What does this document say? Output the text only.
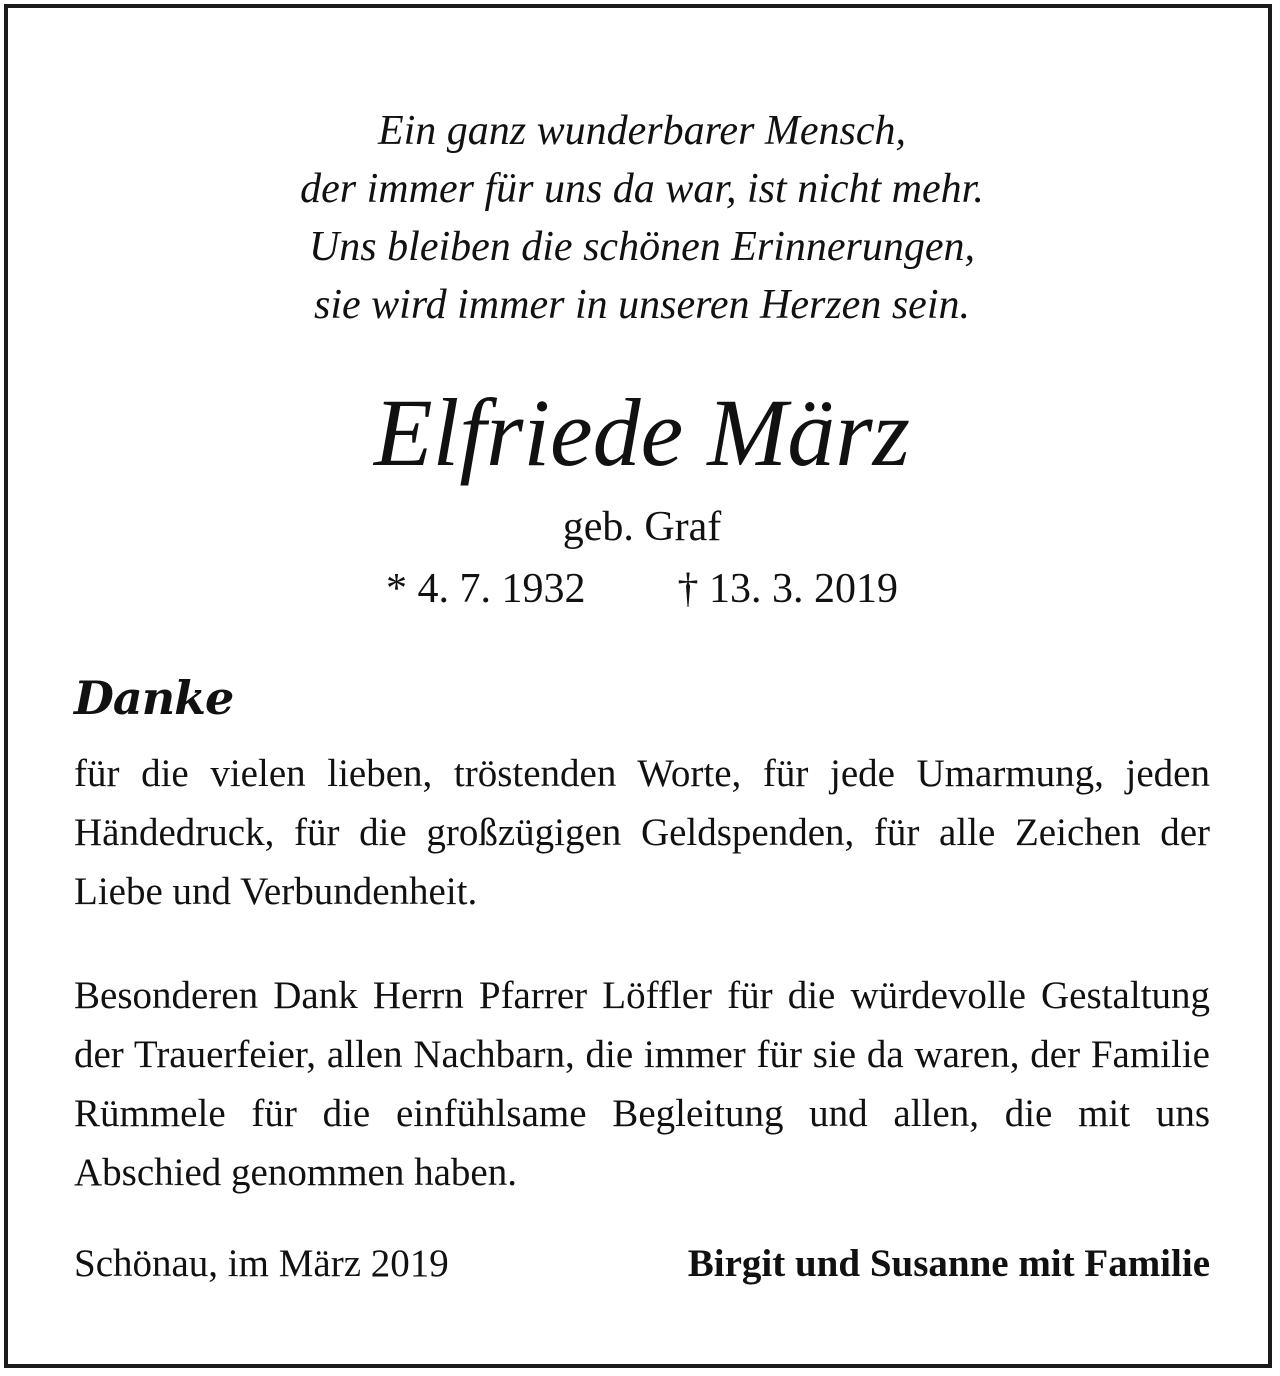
Ein ganz wunderbarer Mensch,
der immer für uns da war, ist nicht mehr.
Uns bleiben die schönen Erinnerungen,
sie wird immer in unseren Herzen sein.
Elfriede März
geb. Graf
* 4. 7. 1932 † 13. 3. 2019
Danke
für die vielen lieben, tröstenden Worte, für jede Umarmung, jeden Händedruck, für die großzügigen Geldspenden, für alle Zeichen der Liebe und Verbundenheit.
Besonderen Dank Herrn Pfarrer Löffler für die würdevolle Gestaltung der Trauerfeier, allen Nachbarn, die immer für sie da waren, der Familie Rümmele für die einfühlsame Begleitung und allen, die mit uns Abschied genommen haben.
Schönau, im März 2019	Birgit und Susanne mit Familie
